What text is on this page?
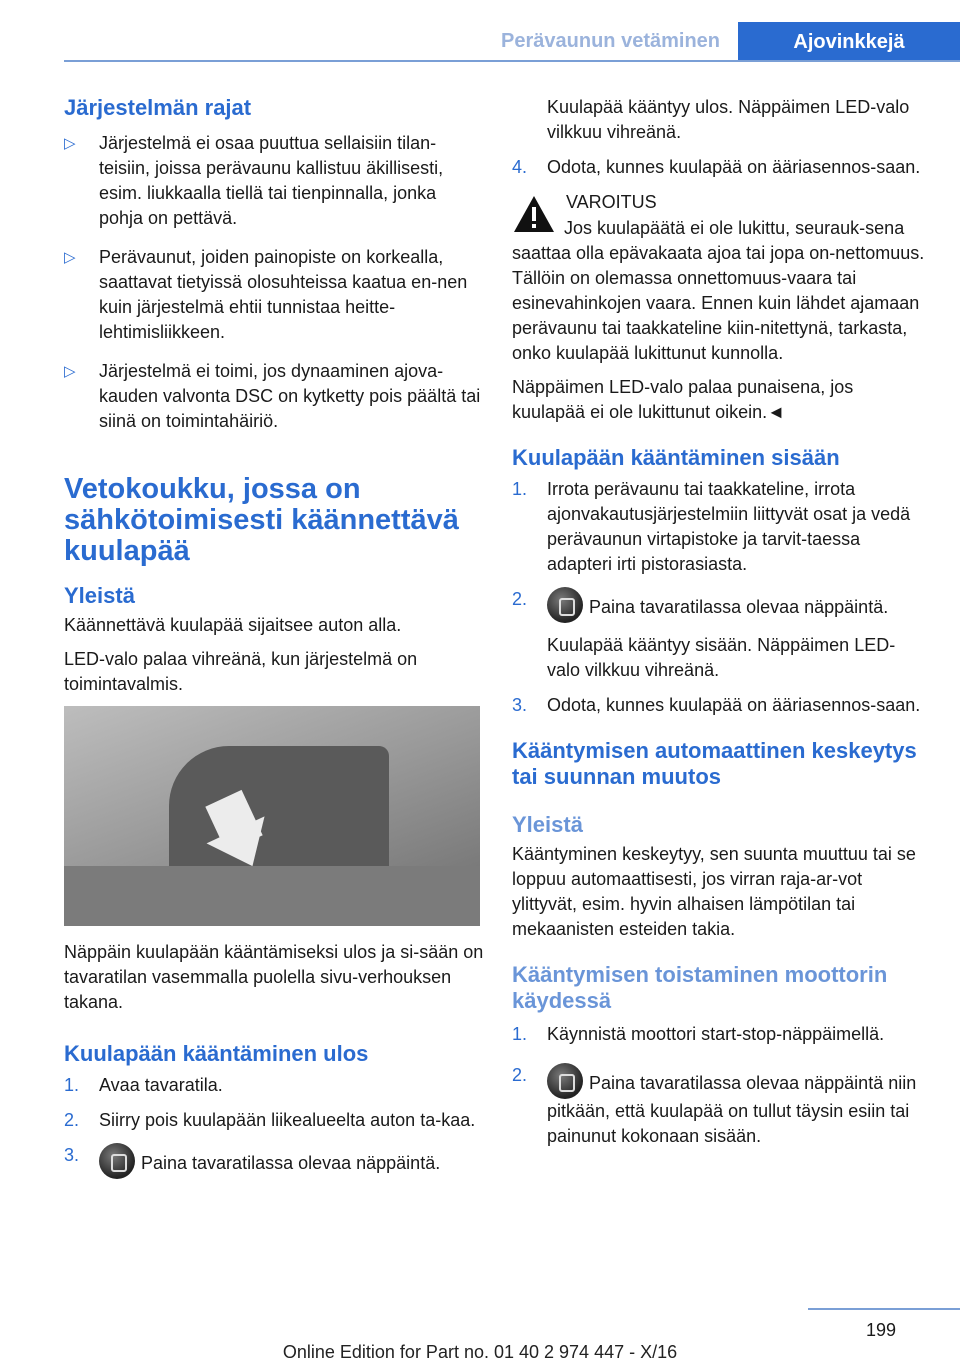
Perävaunun vetäminen	Ajovinkkejä
Järjestelmän rajat
▷	Järjestelmä ei osaa puuttua sellaisiin tilan-teisiin, joissa perävaunu kallistuu äkillisesti, esim. liukkaalla tiellä tai tienpinnalla, jonka pohja on pettävä.
▷	Perävaunut, joiden painopiste on korkealla, saattavat tietyissä olosuhteissa kaatua en-nen kuin järjestelmä ehtii tunnistaa heitte-lehtimisliikkeen.
▷	Järjestelmä ei toimi, jos dynaaminen ajova-kauden valvonta DSC on kytketty pois päältä tai siinä on toimintahäiriö.
Vetokoukku, jossa on sähkötoimisesti käännettävä kuulapää
Yleistä

Käännettävä kuulapää sijaitsee auton alla.

LED-valo palaa vihreänä, kun järjestelmä on toimintavalmis.

Näppäin kuulapään kääntämiseksi ulos ja si-sään on tavaratilan vasemmalla puolella sivu-verhouksen takana.

Kuulapään kääntäminen ulos
1.	Avaa tavaratila.
2.	Siirry pois kuulapään liikealueelta auton ta-kaa.
3.	Paina tavaratilassa olevaa näppäintä.
Kuulapää kääntyy ulos. Näppäimen LED-valo vilkkuu vihreänä.
4.	Odota, kunnes kuulapää on ääriasennos-saan.
VAROITUS

Jos kuulapäätä ei ole lukittu, seurauk-sena saattaa olla epävakaata ajoa tai jopa on-nettomuus. Tällöin on olemassa onnettomuus-vaara tai esinevahinkojen vaara. Ennen kuin lähdet ajamaan perävaunu tai taakkateline kiin-nitettynä, tarkasta, onko kuulapää lukittunut kunnolla.

Näppäimen LED-valo palaa punaisena, jos kuulapää ei ole lukittunut oikein.◄

Kuulapään kääntäminen sisään
1.	Irrota perävaunu tai taakkateline, irrota ajonvakautusjärjestelmiin liittyvät osat ja vedä perävaunun virtapistoke ja tarvit-taessa adapteri irti pistorasiasta.
2.	Paina tavaratilassa olevaa näppäintä.
Kuulapää kääntyy sisään. Näppäimen LED-valo vilkkuu vihreänä.
3.	Odota, kunnes kuulapää on ääriasennos-saan.
Kääntymisen automaattinen keskeytys tai suunnan muutos
Yleistä

Kääntyminen keskeytyy, sen suunta muuttuu tai se loppuu automaattisesti, jos virran raja-ar-vot ylittyvät, esim. hyvin alhaisen lämpötilan tai mekaanisten esteiden takia.

Kääntymisen toistaminen moottorin käydessä
1.	Käynnistä moottori start-stop-näppäimellä.
2.	Paina tavaratilassa olevaa näppäintä niin pitkään, että kuulapää on tullut täysin esiin tai painunut kokonaan sisään.
199
Online Edition for Part no. 01 40 2 974 447 - X/16
